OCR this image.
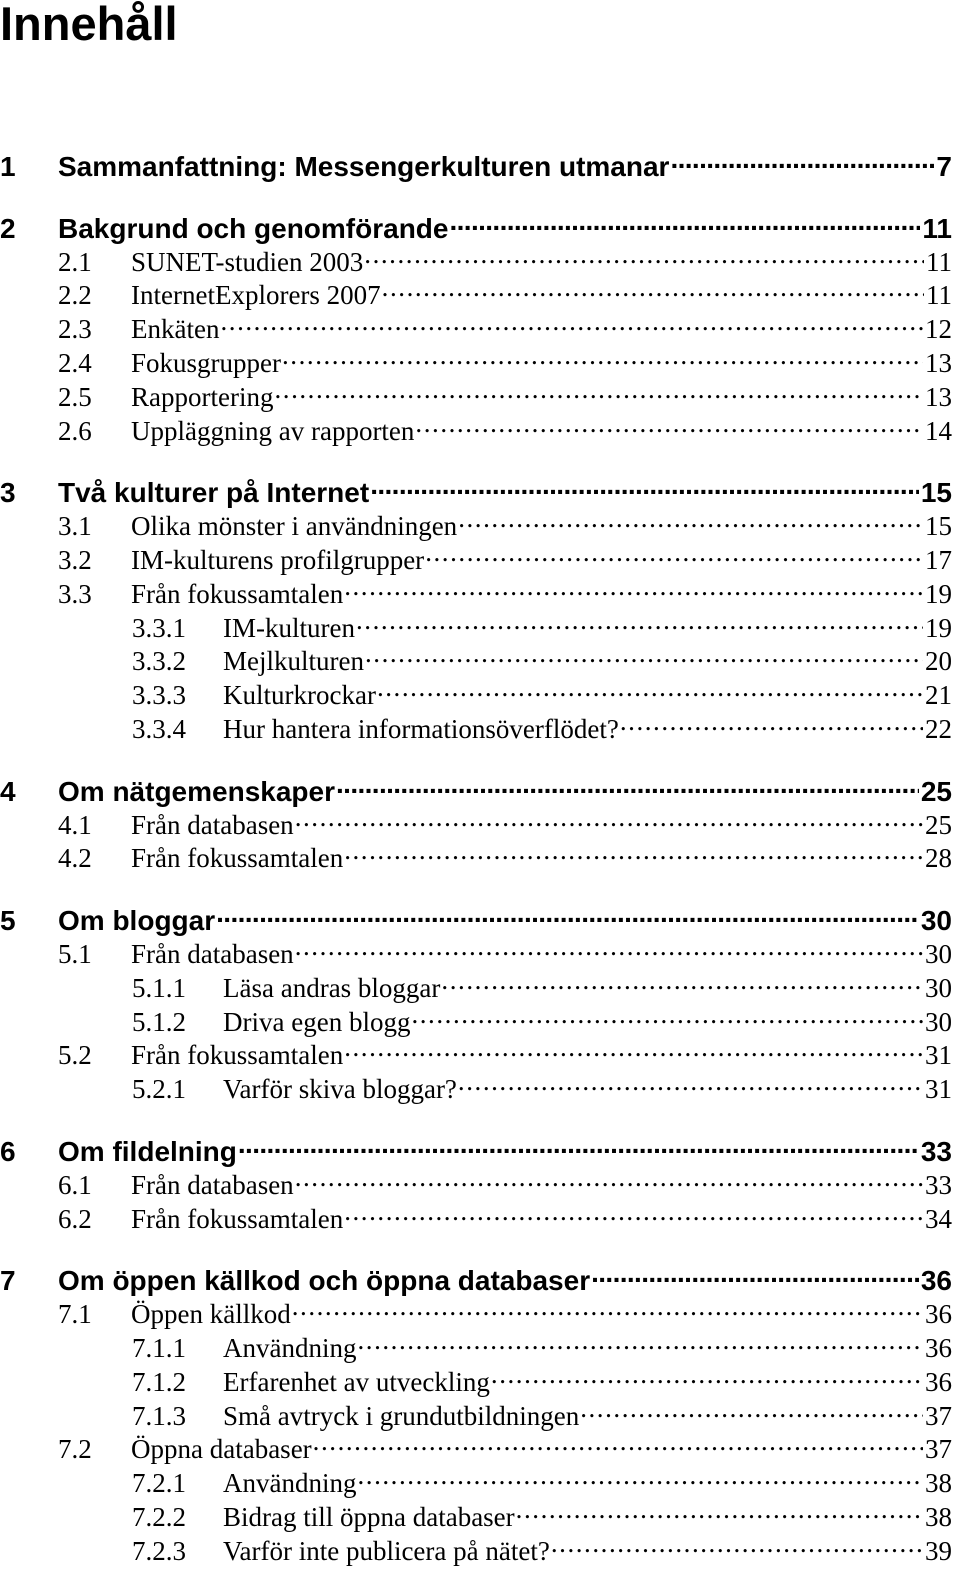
Innehåll
1	Sammanfattning: Messengerkulturen utmanar . . .	7
2	Bakgrund och genomförande . . .	11
2.1	SUNET-studien 2003 . . .	11
2.2	InternetExplorers 2007 . . .	11
2.3	Enkäten . . .	12
2.4	Fokusgrupper . . .	13
2.5	Rapportering . . .	13
2.6	Uppläggning av rapporten . . .	14
3	Två kulturer på Internet . . .	15
3.1	Olika mönster i användningen . . .	15
3.2	IM-kulturens profilgrupper . . .	17
3.3	Från fokussamtalen . . .	19
3.3.1	IM-kulturen . . .	19
3.3.2	Mejlkulturen . . .	20
3.3.3	Kulturkrockar . . .	21
3.3.4	Hur hantera informationsöverflödet? . . .	22
4	Om nätgemenskaper . . .	25
4.1	Från databasen . . .	25
4.2	Från fokussamtalen . . .	28
5	Om bloggar . . .	30
5.1	Från databasen . . .	30
5.1.1	Läsa andras bloggar . . .	30
5.1.2	Driva egen blogg . . .	30
5.2	Från fokussamtalen . . .	31
5.2.1	Varför skiva bloggar? . . .	31
6	Om fildelning . . .	33
6.1	Från databasen . . .	33
6.2	Från fokussamtalen . . .	34
7	Om öppen källkod och öppna databaser . . .	36
7.1	Öppen källkod . . .	36
7.1.1	Användning . . .	36
7.1.2	Erfarenhet av utveckling . . .	36
7.1.3	Små avtryck i grundutbildningen . . .	37
7.2	Öppna databaser . . .	37
7.2.1	Användning . . .	38
7.2.2	Bidrag till öppna databaser . . .	38
7.2.3	Varför inte publicera på nätet? . . .	39
